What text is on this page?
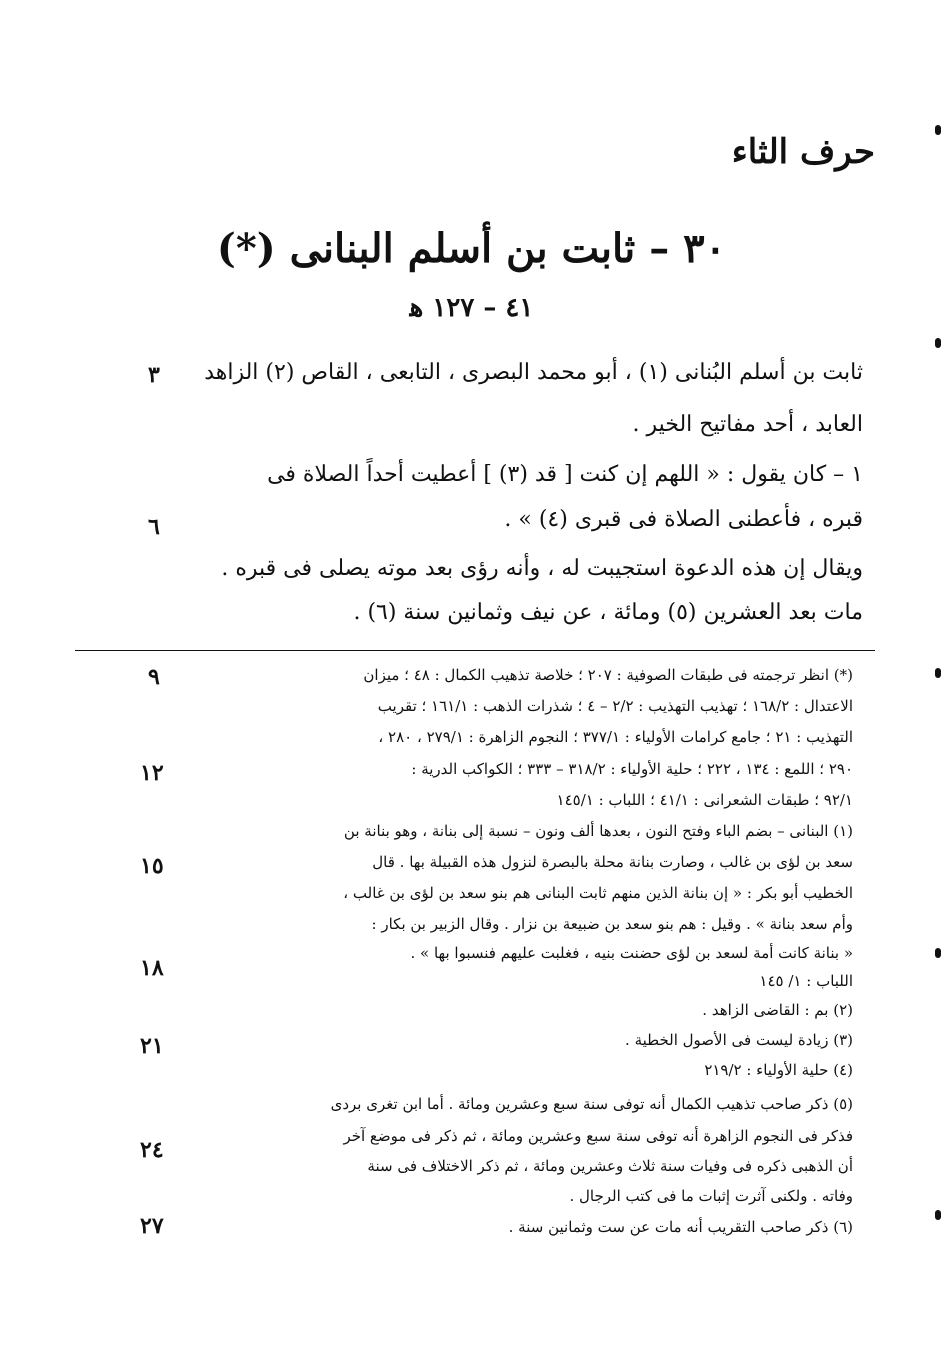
حرف الثاء
٣٠ – ثابت بن أسلم البنانى (*)
٤١ – ١٢٧ ﻫ
ثابت بن أسلم البُنانى (١) ، أبو محمد البصرى ، التابعى ، القاص (٢) الزاهد
العابد ، أحد مفاتيح الخير .
١ – كان يقول : « اللهم إن كنت [ قد (٣) ] أعطيت أحداً الصلاة فى
قبره ، فأعطنى الصلاة فى قبرى (٤) » .
ويقال إن هذه الدعوة استجيبت له ، وأنه رؤى بعد موته يصلى فى قبره .
مات بعد العشرين (٥) ومائة ، عن نيف وثمانين سنة (٦) .
(*) انظر ترجمته فى طبقات الصوفية : ٢٠٧ ؛ خلاصة تذهيب الكمال : ٤٨ ؛ ميزان
الاعتدال : ١٦٨/٢ ؛ تهذيب التهذيب : ٢/٢ – ٤ ؛ شذرات الذهب : ١٦١/١ ؛ تقريب
التهذيب : ٢١ ؛ جامع كرامات الأولياء : ٣٧٧/١ ؛ النجوم الزاهرة : ٢٧٩/١ ، ٢٨٠ ،
٢٩٠ ؛ اللمع : ١٣٤ ، ٢٢٢ ؛ حلية الأولياء : ٣١٨/٢ – ٣٣٣ ؛ الكواكب الدرية :
٩٢/١ ؛ طبقات الشعرانى : ٤١/١ ؛ اللباب : ١٤٥/١
(١) البنانى – بضم الباء وفتح النون ، بعدها ألف ونون – نسبة إلى بنانة ، وهو بنانة بن
سعد بن لؤى بن غالب ، وصارت بنانة محلة بالبصرة لنزول هذه القبيلة بها . قال
الخطيب أبو بكر : « إن بنانة الذين منهم ثابت البنانى هم بنو سعد بن لؤى بن غالب ،
وأم سعد بنانة » . وقيل : هم بنو سعد بن ضبيعة بن نزار . وقال الزبير بن بكار :
« بنانة كانت أمة لسعد بن لؤى حضنت بنيه ، فغلبت عليهم فنسبوا بها » .
اللباب : ١/ ١٤٥
(٢) بم : القاضى الزاهد .
(٣) زيادة ليست فى الأصول الخطية .
(٤) حلية الأولياء : ٢١٩/٢
(٥) ذكر صاحب تذهيب الكمال أنه توفى سنة سبع وعشرين ومائة . أما ابن تغرى بردى
فذكر فى النجوم الزاهرة أنه توفى سنة سبع وعشرين ومائة ، ثم ذكر فى موضع آخر
أن الذهبى ذكره فى وفيات سنة ثلاث وعشرين ومائة ، ثم ذكر الاختلاف فى سنة
وفاته . ولكنى آثرت إثبات ما فى كتب الرجال .
(٦) ذكر صاحب التقريب أنه مات عن ست وثمانين سنة .
٣
٦
٩
١٢
١٥
١٨
٢١
٢٤
٢٧
